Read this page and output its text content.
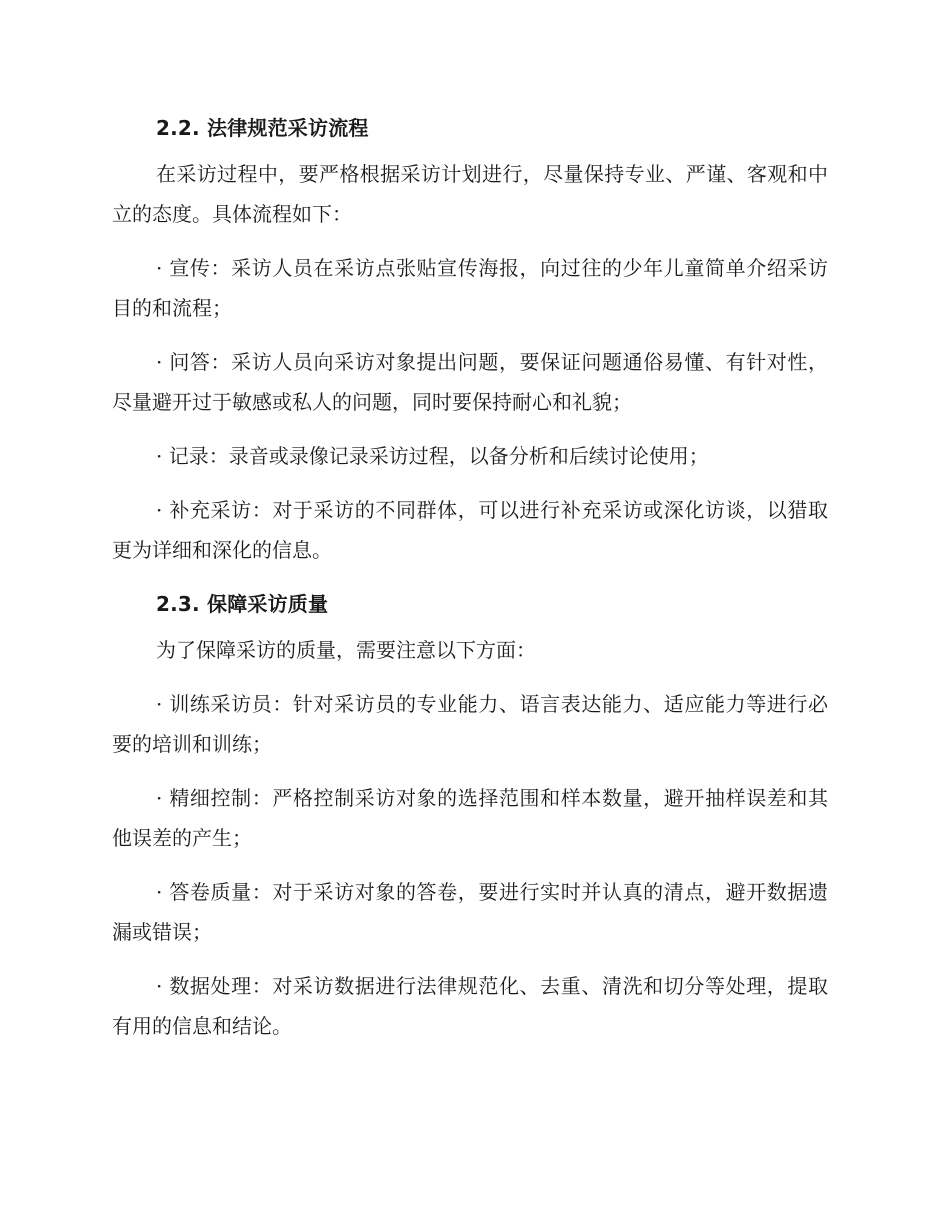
2.2. 法律规范采访流程

在采访过程中，要严格根据采访计划进行，尽量保持专业、严谨、客观和中立的态度。具体流程如下：

· 宣传：采访人员在采访点张贴宣传海报，向过往的少年儿童简单介绍采访目的和流程；

· 问答：采访人员向采访对象提出问题，要保证问题通俗易懂、有针对性，尽量避开过于敏感或私人的问题，同时要保持耐心和礼貌；

· 记录：录音或录像记录采访过程，以备分析和后续讨论使用；

· 补充采访：对于采访的不同群体，可以进行补充采访或深化访谈，以猎取更为详细和深化的信息。

2.3. 保障采访质量

为了保障采访的质量，需要注意以下方面：

· 训练采访员：针对采访员的专业能力、语言表达能力、适应能力等进行必要的培训和训练；

· 精细控制：严格控制采访对象的选择范围和样本数量，避开抽样误差和其他误差的产生；

· 答卷质量：对于采访对象的答卷，要进行实时并认真的清点，避开数据遗漏或错误；

· 数据处理：对采访数据进行法律规范化、去重、清洗和切分等处理，提取有用的信息和结论。
